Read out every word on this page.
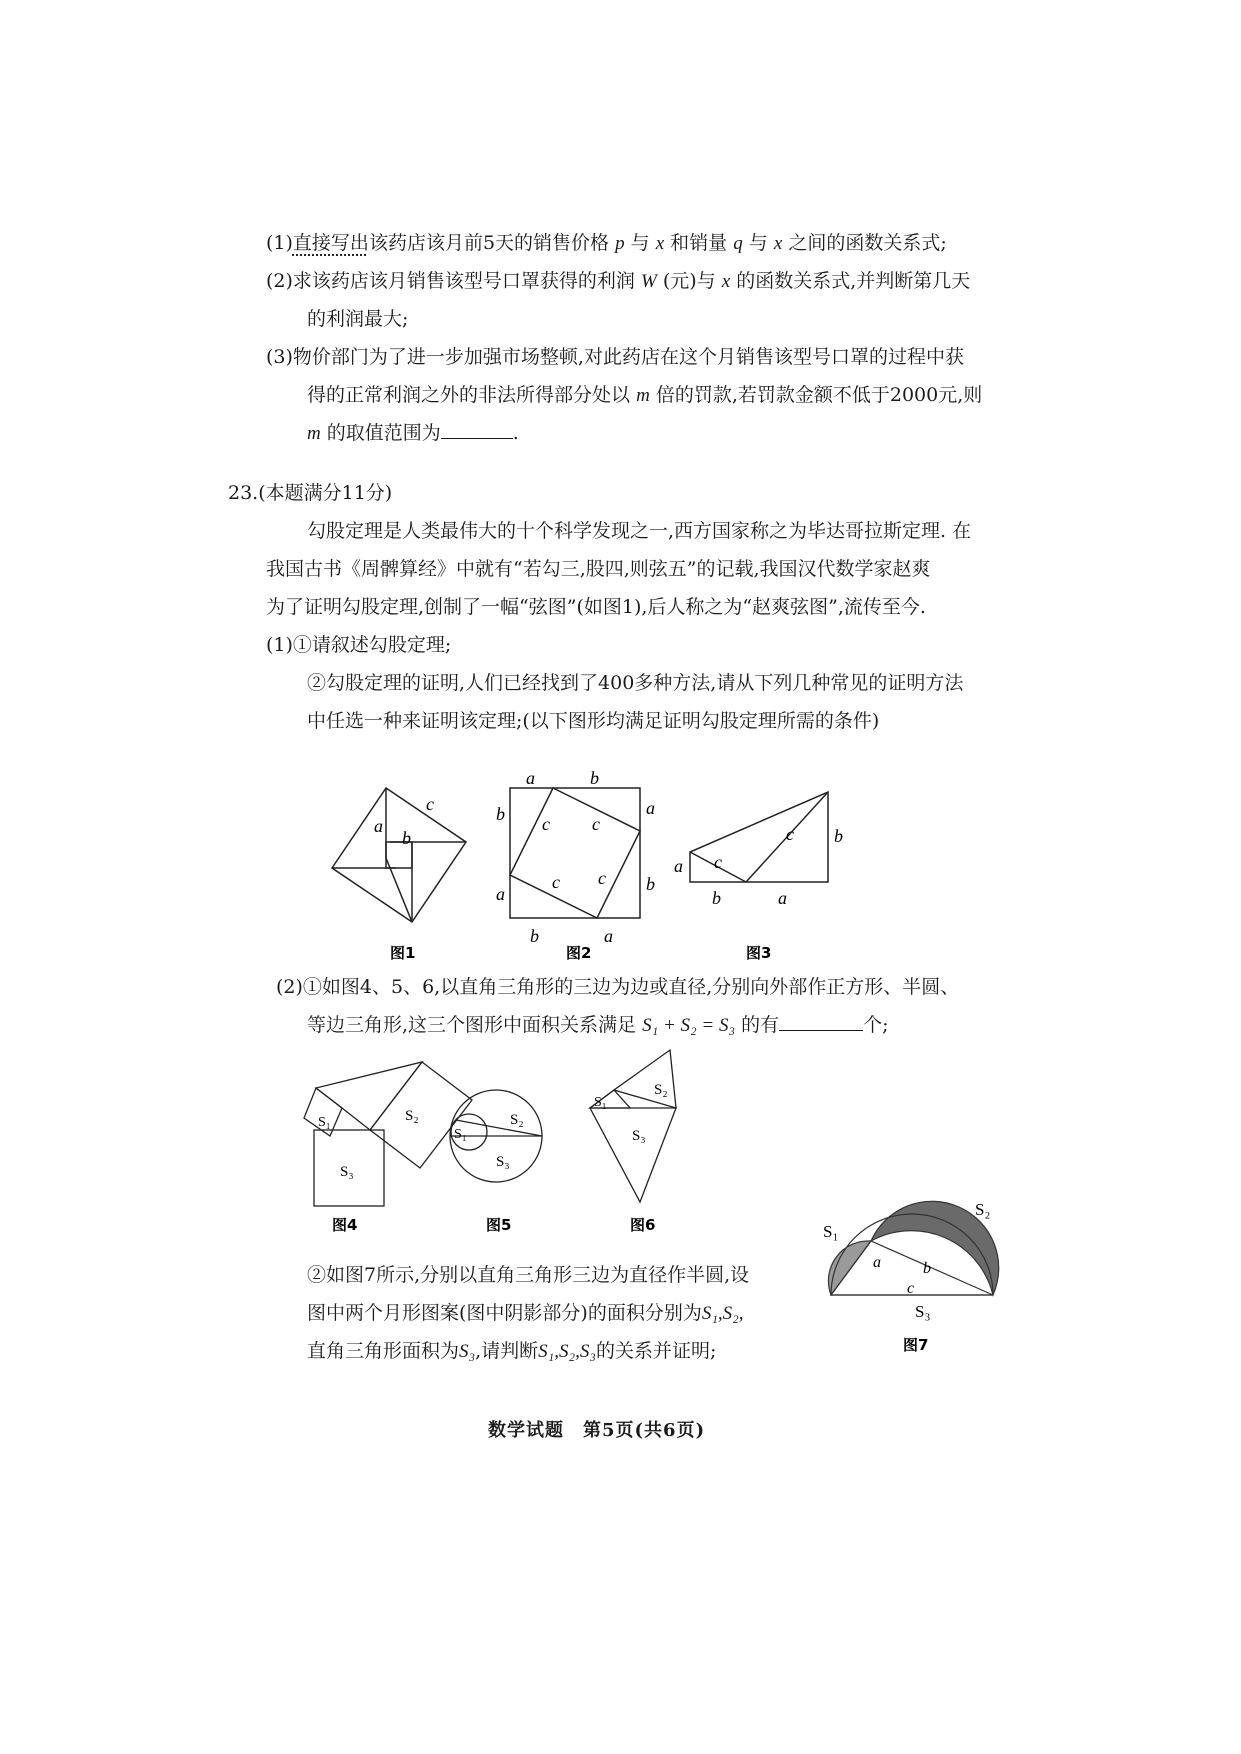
(1)直接写出该药店该月前5天的销售价格 p 与 x 和销量 q 与 x 之间的函数关系式;
(2)求该药店该月销售该型号口罩获得的利润 W (元)与 x 的函数关系式,并判断第几天
的利润最大;
(3)物价部门为了进一步加强市场整顿,对此药店在这个月销售该型号口罩的过程中获
得的正常利润之外的非法所得部分处以 m 倍的罚款,若罚款金额不低于2000元,则
m 的取值范围为	.
23.(本题满分11分)
勾股定理是人类最伟大的十个科学发现之一,西方国家称之为毕达哥拉斯定理. 在
我国古书《周髀算经》中就有“若勾三,股四,则弦五”的记载,我国汉代数学家赵爽
为了证明勾股定理,创制了一幅“弦图”(如图1),后人称之为“赵爽弦图”,流传至今.
(1)①请叙述勾股定理;
②勾股定理的证明,人们已经找到了400多种方法,请从下列几种常见的证明方法
中任选一种来证明该定理;(以下图形均满足证明勾股定理所需的条件)
a
b
c
图1
a	b
b	a
a	b
b	a
c c
c c
图2
a
b
b	a
c
c
图3
(2)①如图4、5、6,以直角三角形的三边为边或直径,分别向外部作正方形、半圆、
等边三角形,这三个图形中面积关系满足 S₁ + S₂ = S₃ 的有	个;
S₁	S₂
S₃
图4
S₁
S₂
S₃
图5
S₁
S₂
S₃
图6	S₁
S₂
S₃
a	b
c
图7
②如图7所示,分别以直角三角形三边为直径作半圆,设
图中两个月形图案(图中阴影部分)的面积分别为S₁,S₂,
直角三角形面积为S₃,请判断S₁,S₂,S₃的关系并证明;
数学试题　第5页(共6页)
